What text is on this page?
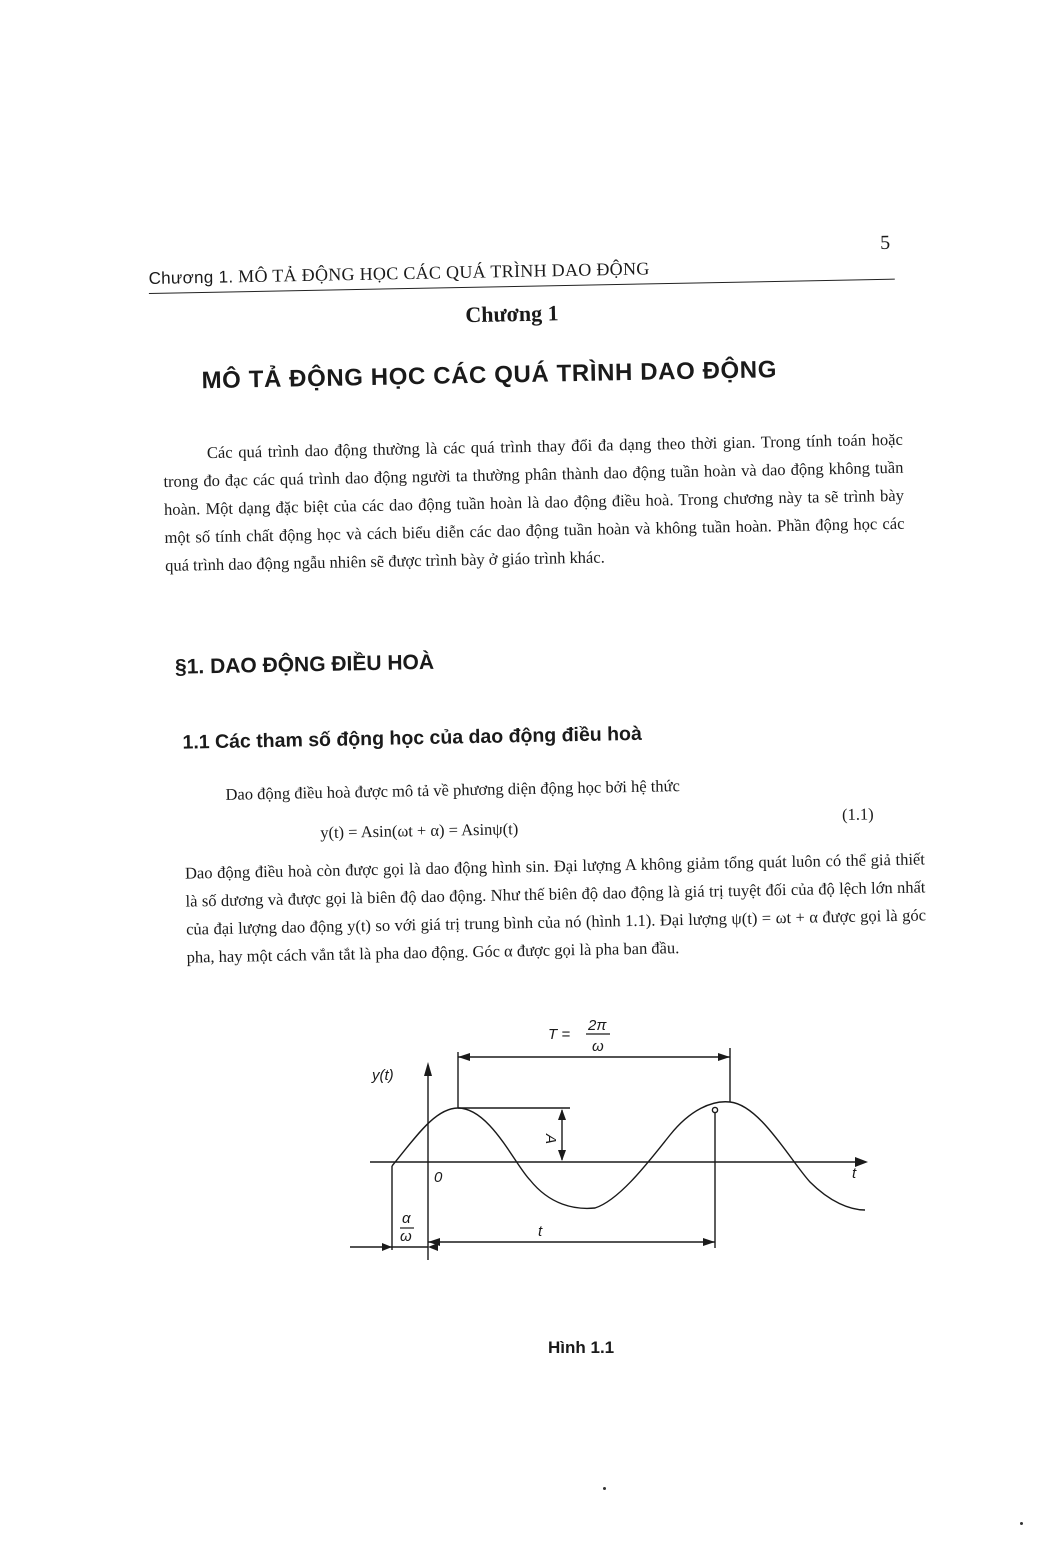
Chương 1. MÔ TẢ ĐỘNG HỌC CÁC QUÁ TRÌNH DAO ĐỘNG
5
Chương 1
MÔ TẢ ĐỘNG HỌC CÁC QUÁ TRÌNH DAO ĐỘNG

Các quá trình dao động thường là các quá trình thay đổi đa dạng theo thời gian. Trong tính toán hoặc trong đo đạc các quá trình dao động người ta thường phân thành dao động tuần hoàn và dao động không tuần hoàn. Một dạng đặc biệt của các dao động tuần hoàn là dao động điều hoà. Trong chương này ta sẽ trình bày một số tính chất động học và cách biểu diễn các dao động tuần hoàn và không tuần hoàn. Phần động học các quá trình dao động ngẫu nhiên sẽ được trình bày ở giáo trình khác.

§1. DAO ĐỘNG ĐIỀU HOÀ
1.1 Các tham số động học của dao động điều hoà
Dao động điều hoà được mô tả về phương diện động học bởi hệ thức
y(t) = Asin(ωt + α) = Asinψ(t)
(1.1)

Dao động điều hoà còn được gọi là dao động hình sin. Đại lượng A không giảm tổng quát luôn có thể giả thiết là số dương và được gọi là biên độ dao động. Như thế biên độ dao động là giá trị tuyệt đối của độ lệch lớn nhất của đại lượng dao động y(t) so với giá trị trung bình của nó (hình 1.1). Đại lượng ψ(t) = ωt + α được gọi là góc pha, hay một cách vắn tắt là pha dao động. Góc α được gọi là pha ban đầu.

y(t)
T =
2π
ω
A
0	t
α
ω	t
Hình 1.1
